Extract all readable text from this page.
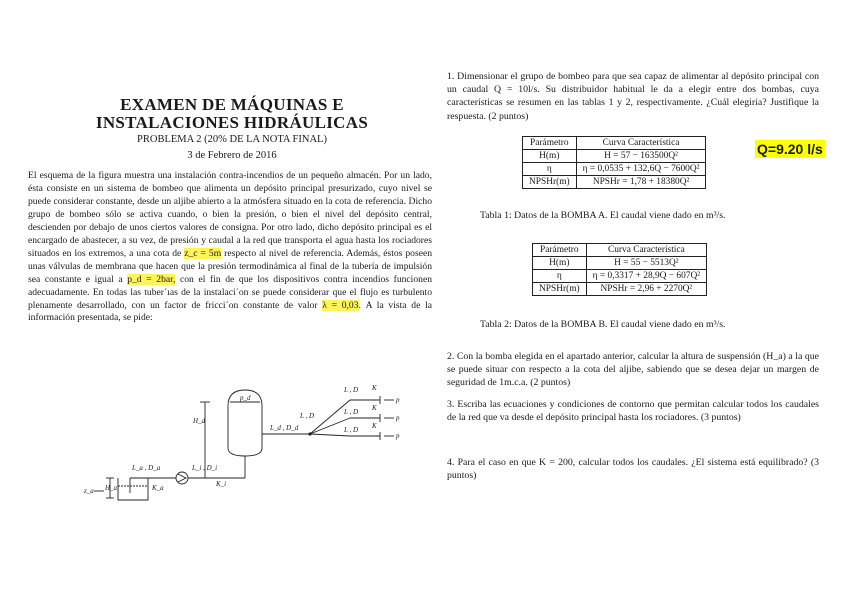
EXAMEN DE MÁQUINAS E
INSTALACIONES HIDRÁULICAS
PROBLEMA 2 (20% DE LA NOTA FINAL)
3 de Febrero de 2016
El esquema de la figura muestra una instalación contra-incendios de un pequeño almacén. Por un lado, ésta consiste en un sistema de bombeo que alimenta un depósito principal presurizado, cuyo nivel se puede considerar constante, desde un aljibe abierto a la atmósfera situado en la cota de referencia. Dicho grupo de bombeo sólo se activa cuando, o bien la presión, o bien el nivel del depósito central, descienden por debajo de unos ciertos valores de consigna. Por otro lado, dicho depósito principal es el encargado de abastecer, a su vez, de presión y caudal a la red que transporta el agua hasta los rociadores situados en los extremos, a una cota de z_c = 5m respecto al nivel de referencia. Además, éstos poseen unas válvulas de membrana que hacen que la presión termodinámica al final de la tubería de impulsión sea constante e igual a p_d = 2bar, con el fin de que los dispositivos contra incendios funcionen adecuadamente. En todas las tuber´ıas de la instalaci´on se puede considerar que el flujo es turbulento plenamente desarrollado, con un factor de fricci´on constante de valor λ = 0,03. A la vista de la información presentada, se pide:
p_d
H_d
H_a
z_a
L_d , D_d
L_a , D_a	L_i , D_i
K_a	K_i
L , D
L , D
L , D
L , D
K
K
K
p
p
p
1. Dimensionar el grupo de bombeo para que sea capaz de alimentar al depósito principal con un caudal Q = 10l/s. Su distribuidor habitual le da a elegir entre dos bombas, cuya características se resumen en las tablas 1 y 2, respectivamente. ¿Cuál elegiría? Justifique la respuesta. (2 puntos)
Parámetro	Curva Característica
H(m)	H = 57 − 163500Q²
η	η = 0,0535 + 132,6Q − 7600Q²
NPSHr(m)	NPSHr = 1,78 + 18380Q²
Q=9.20 l/s
Tabla 1: Datos de la BOMBA A. El caudal viene dado en m³/s.
Parámetro	Curva Característica
H(m)	H = 55 − 5513Q²
η	η = 0,3317 + 28,9Q − 607Q²
NPSHr(m)	NPSHr = 2,96 + 2270Q²
Tabla 2: Datos de la BOMBA B. El caudal viene dado en m³/s.
2. Con la bomba elegida en el apartado anterior, calcular la altura de suspensión (H_a) a la que se puede situar con respecto a la cota del aljibe, sabiendo que se desea dejar un margen de seguridad de 1m.c.a. (2 puntos)
3. Escriba las ecuaciones y condiciones de contorno que permitan calcular todos los caudales de la red que va desde el depósito principal hasta los rociadores. (3 puntos)
4. Para el caso en que K = 200, calcular todos los caudales. ¿El sistema está equilibrado? (3 puntos)
